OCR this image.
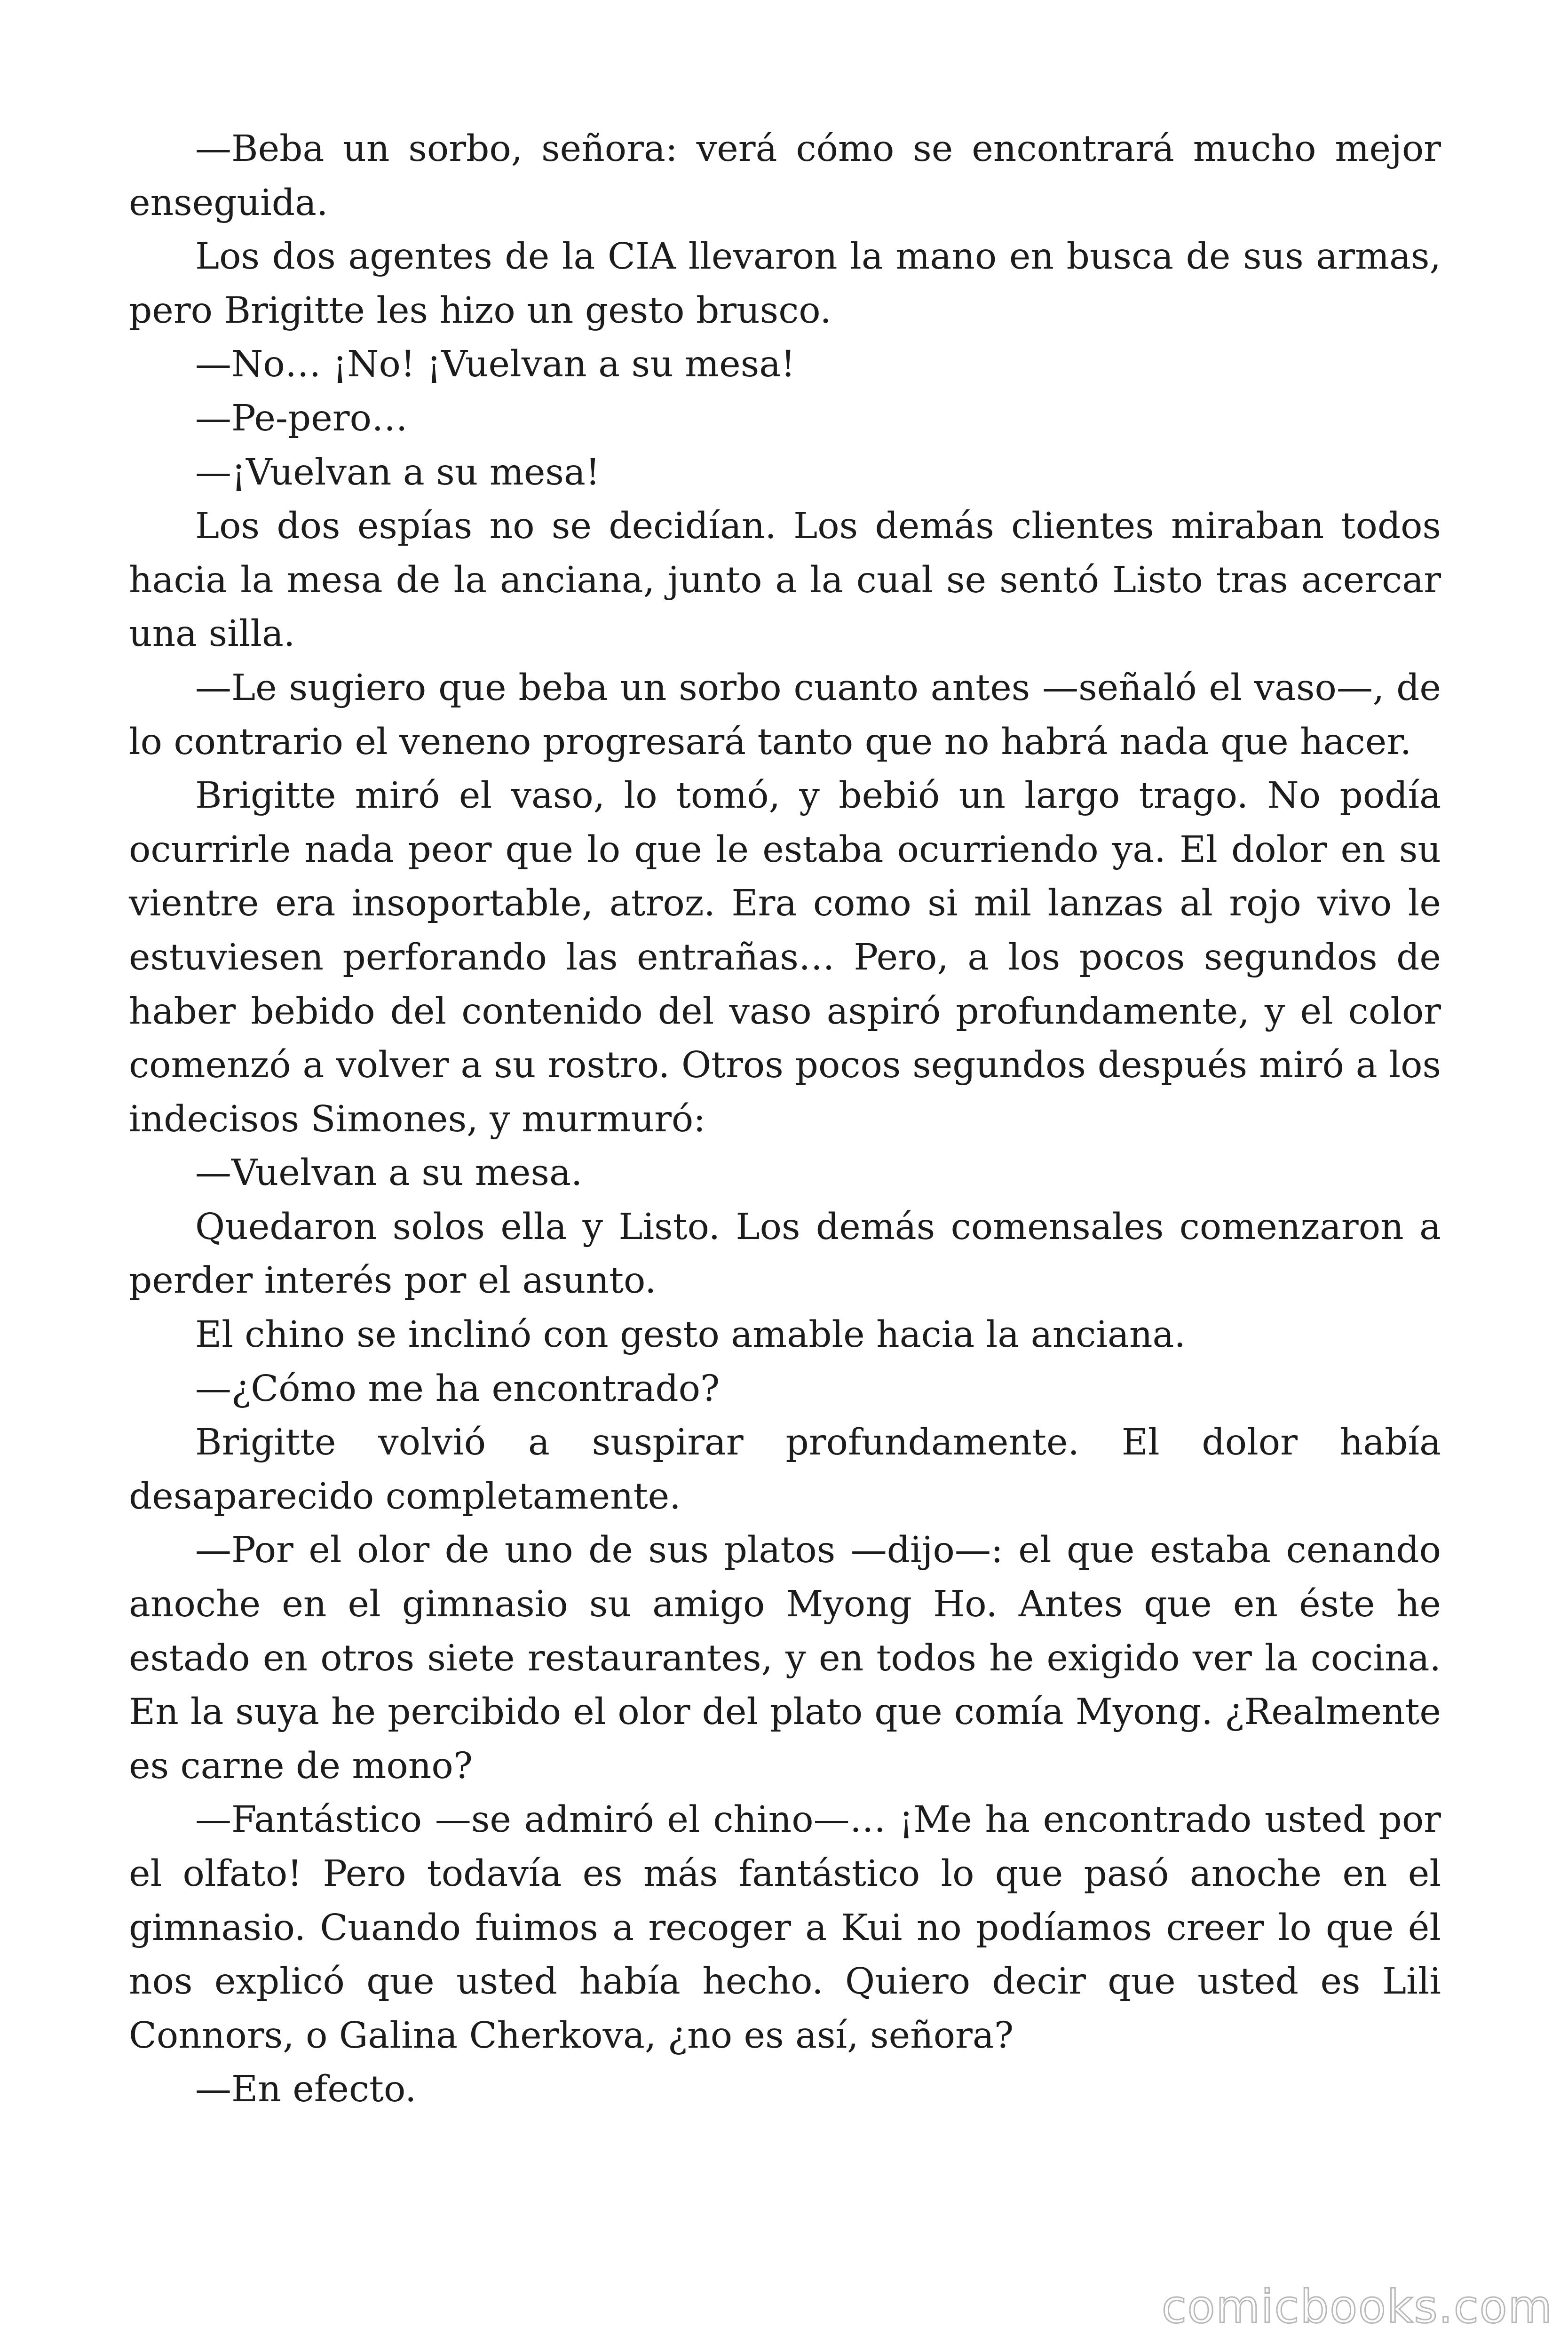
—Beba un sorbo, señora: verá cómo se encontrará mucho mejor enseguida.

Los dos agentes de la CIA llevaron la mano en busca de sus armas, pero Brigitte les hizo un gesto brusco.

—No… ¡No! ¡Vuelvan a su mesa!

—Pe-pero…

—¡Vuelvan a su mesa!

Los dos espías no se decidían. Los demás clientes miraban todos hacia la mesa de la anciana, junto a la cual se sentó Listo tras acercar una silla.

—Le sugiero que beba un sorbo cuanto antes —señaló el vaso—, de lo contrario el veneno progresará tanto que no habrá nada que hacer.

Brigitte miró el vaso, lo tomó, y bebió un largo trago. No podía ocurrirle nada peor que lo que le estaba ocurriendo ya. El dolor en su vientre era insoportable, atroz. Era como si mil lanzas al rojo vivo le estuviesen perforando las entrañas… Pero, a los pocos segundos de haber bebido del contenido del vaso aspiró profundamente, y el color comenzó a volver a su rostro. Otros pocos segundos después miró a los indecisos Simones, y murmuró:

—Vuelvan a su mesa.

Quedaron solos ella y Listo. Los demás comensales comenzaron a perder interés por el asunto.

El chino se inclinó con gesto amable hacia la anciana.

—¿Cómo me ha encontrado?

Brigitte volvió a suspirar profundamente. El dolor había desaparecido completamente.

—Por el olor de uno de sus platos —dijo—: el que estaba cenando anoche en el gimnasio su amigo Myong Ho. Antes que en éste he estado en otros siete restaurantes, y en todos he exigido ver la cocina. En la suya he percibido el olor del plato que comía Myong. ¿Realmente es carne de mono?

—Fantástico —se admiró el chino—… ¡Me ha encontrado usted por el olfato! Pero todavía es más fantástico lo que pasó anoche en el gimnasio. Cuando fuimos a recoger a Kui no podíamos creer lo que él nos explicó que usted había hecho. Quiero decir que usted es Lili Connors, o Galina Cherkova, ¿no es así, señora?

—En efecto.

comicbooks.com
